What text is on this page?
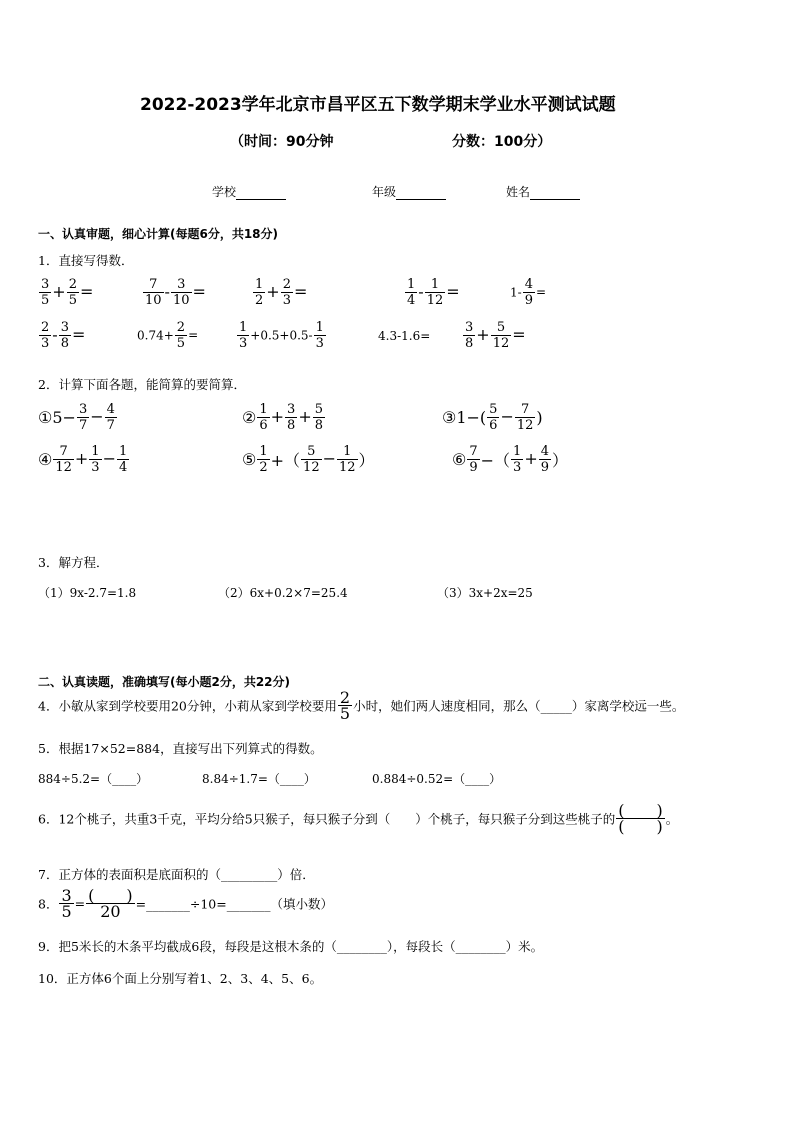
2022-2023学年北京市昌平区五下数学期末学业水平测试试题
（时间：90分钟	分数：100分）
学校	年级	姓名
一、认真审题，细心计算(每题6分，共18分)
1．直接写得数．
$\frac{3}{5} + \frac{2}{5}$ =	$\frac{7}{10} - \frac{3}{10}$ =	$\frac{1}{2} + \frac{2}{3}$ =	$\frac{1}{4} - \frac{1}{12}$ =	$1- \frac{4}{9}$ =
$\frac{2}{3} - \frac{3}{8}$ =	$0.74+ \frac{2}{5}$ =	$\frac{1}{3} +0.5+0.5- \frac{1}{3}$	4.3-1.6=	$\frac{3}{8} + \frac{5}{12}$ =
2．计算下面各题，能简算的要简算．
①5− $\frac{3}{7} - \frac{4}{7}$	② $\frac{1}{6} + \frac{3}{8} + \frac{5}{8}$	③1−( $\frac{5}{6} - \frac{7}{12}$ )
④ $\frac{7}{12} + \frac{1}{3} - \frac{1}{4}$	⑤ $\frac{1}{2}$ +（ $\frac{5}{12} - \frac{1}{12}$ ）	⑥ $\frac{7}{9}$ −（ $\frac{1}{3} + \frac{4}{9}$ ）
3．解方程．
（1）9x-2.7=1.8	（2）6x+0.2×7=25.4	（3）3x+2x=25
二、认真读题，准确填写(每小题2分，共22分)
4．小敏从家到学校要用20分钟，小莉从家到学校要用 $\frac{2}{5}$ 小时，她们两人速度相同，那么（_____）家离学校远一些。
5．根据17×52=884，直接写出下列算式的得数。
884÷5.2=（____）	8.84÷1.7=（____）	0.884÷0.52=（____）
6．12个桃子，共重3千克，平均分给5只猴子，每只猴子分到（　　）个桃子，每只猴子分到这些桃子的 $\frac{( )}{( )}$ 。
7．正方体的表面积是底面积的（_________）倍．
8． $\frac{3}{5} = \frac{( )}{20}$ =_______÷10=_______（填小数）
9．把5米长的木条平均截成6段，每段是这根木条的（________），每段长（________）米。
10．正方体6个面上分别写着1、2、3、4、5、6。
